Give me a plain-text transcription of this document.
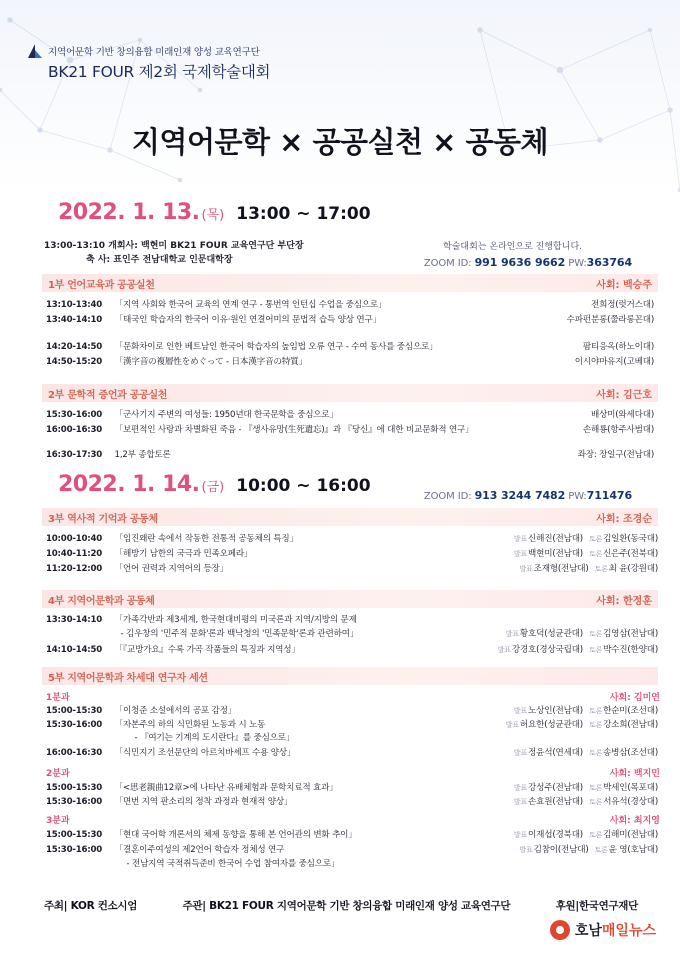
지역어문학 기반 창의융합 미래인재 양성 교육연구단
BK21 FOUR 제2회 국제학술대회
지역어문학 × 공공실천 × 공동체
2022. 1. 13. (목) 13:00 ~ 17:00
13:00-13:10 개회사: 백현미 BK21 FOUR 교육연구단 부단장
축 사: 표인주 전남대학교 인문대학장
학술대회는 온라인으로 진행합니다.
ZOOM ID: 991 9636 9662 PW:363764
1부 언어교육과 공공실천	사회: 백승주
13:10-13:40 「지역 사회와 한국어 교육의 연계 연구 - 통번역 인턴십 수업을 중심으로」	전희정(럿거스대)
13:40-14:10 「태국인 학습자의 한국어 이유·원인 연결어미의 문법적 습득 양상 연구」	수파펀분롱(쭐라롱꼰대)
14:20-14:50 「문화차이로 인한 베트남인 한국어 학습자의 높임법 오류 연구 - 수여 동사를 중심으로」	팜티응옥(하노이대)
14:50-15:20 「漢字音の複層性をめぐって - 日本漢字音の特質」	이시야마유지(고베대)
2부 문학적 증언과 공공실천	사회: 김근호
15:30-16:00 「군사기지 주변의 여성들: 1950년대 한국문학을 중심으로」	배상미(와세다대)
16:00-16:30 「보편적인 사랑과 차별화된 죽음 - 『생사유망(生死遺忘)』과 『당신』에 대한 비교문화적 연구」	손해룡(항주사범대)
16:30-17:30 1,2부 종합토론	좌장: 장일구(전남대)
2022. 1. 14. (금) 10:00 ~ 16:00
ZOOM ID: 913 3244 7482 PW:711476
3부 역사적 기억과 공동체	사회: 조경순
10:00-10:40 「임진왜란 속에서 작동한 전통적 공동체의 특징」	발표신해진(전남대) 토론김일환(동국대)
10:40-11:20 「해방기 남한의 국극과 민족오페라」	발표백현미(전남대) 토론신은주(전북대)
11:20-12:00 「언어 권력과 지역어의 등장」	발표조재형(전남대) 토론최 윤(강원대)
4부 지역어문학과 공동체	사회: 한정훈
13:30-14:10 「가족각반과 제3세계, 한국현대비평의 미국론과 지역/지방의 문제
- 김우창의 '민주적 문화'론과 백낙청의 '민족문학'론과 관련하여」	발표황호덕(성균관대) 토론김영삼(전남대)
14:10-14:50 「『교방가요』수록 가곡 작품들의 특징과 지역성」	발표강경호(경상국립대) 토론박수진(한양대)
5부 지역어문학과 차세대 연구자 세션
1분과	사회: 김미연
15:00-15:30 「이청준 소설에서의 공포 감정」	발표노상인(전남대) 토론한순미(조선대)
15:30-16:00 「자본주의 하의 식민화된 노동과 시 노동	발표허요한(성균관대) 토론강소희(전남대)
- 『여기는 기계의 도시란다』를 중심으로」
16:00-16:30 「식민지기 조선문단의 아르치바셰프 수용 양상」	발표정윤석(연세대) 토론송병삼(조선대)
2분과	사회: 백지민
15:00-15:30 「<思老親曲12章>에 나타난 유배체험과 문학치료적 효과」	발표강성주(전남대) 토론박세인(목포대)
15:30-16:00 「면번 지역 판소리의 정착 과정과 현재적 양상」	발표손효원(전남대) 토론서유석(경상대)
3분과	사회: 최지영
15:00-15:30 「현대 국어학 개론서의 체제 동향을 통해 본 언어관의 변화 추이」	발표이재섭(경북대) 토론김해미(전남대)
15:30-16:00 「결혼이주여성의 제2언어 학습자 정체성 연구	발표김참이(전남대) 토론윤 영(호남대)
- 전남지역 국적취득준비 한국어 수업 참여자를 중심으로」
주최| KOR 컨소시엄	주관| BK21 FOUR 지역어문학 기반 창의융합 미래인재 양성 교육연구단	후원|한국연구재단
호남매일뉴스
